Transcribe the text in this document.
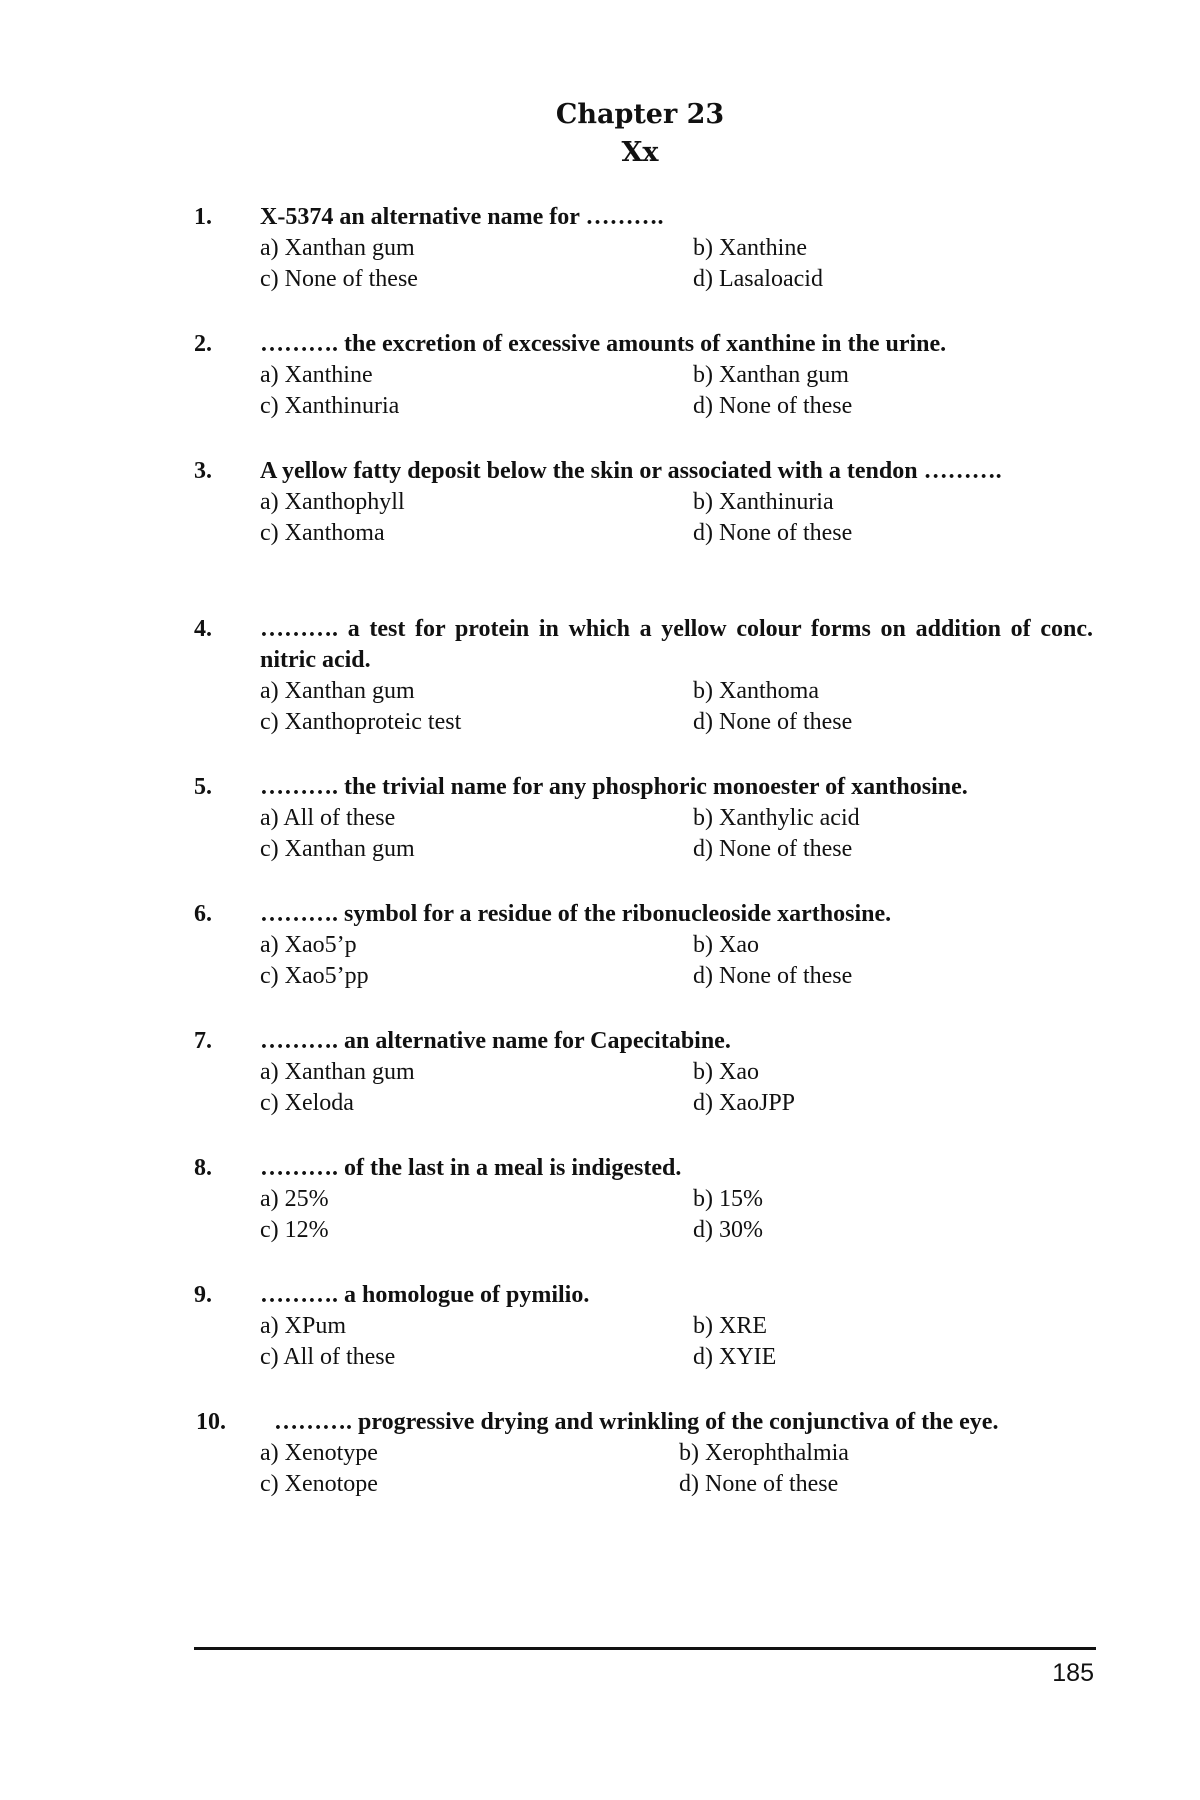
Chapter 23
Xx
1. X-5374 an alternative name for ……….
a) Xanthan gum	b) Xanthine
c) None of these	d) Lasaloacid
2. ………. the excretion of excessive amounts of xanthine in the urine.
a) Xanthine	b) Xanthan gum
c) Xanthinuria	d) None of these
3. A yellow fatty deposit below the skin or associated with a tendon ……….
a) Xanthophyll	b) Xanthinuria
c) Xanthoma	d) None of these
4. ………. a test for protein in which a yellow colour forms on addition of conc. nitric acid.
a) Xanthan gum	b) Xanthoma
c) Xanthoproteic test	d) None of these
5. ………. the trivial name for any phosphoric monoester of xanthosine.
a) All of these	b) Xanthylic acid
c) Xanthan gum	d) None of these
6. ………. symbol for a residue of the ribonucleoside xarthosine.
a) Xao5’p	b) Xao
c) Xao5’pp	d) None of these
7. ………. an alternative name for Capecitabine.
a) Xanthan gum	b) Xao
c) Xeloda	d) XaoJPP
8. ………. of the last in a meal is indigested.
a) 25%	b) 15%
c) 12%	d) 30%
9. ………. a homologue of pymilio.
a) XPum	b) XRE
c) All of these	d) XYIE
10. ………. progressive drying and wrinkling of the conjunctiva of the eye.
a) Xenotype	b) Xerophthalmia
c) Xenotope	d) None of these
185
